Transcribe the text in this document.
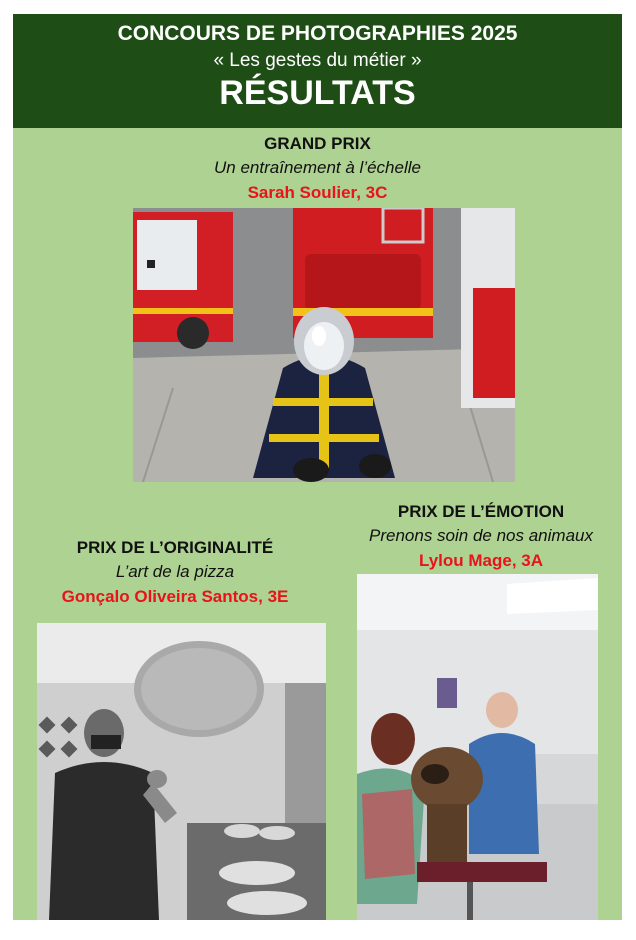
CONCOURS DE PHOTOGRAPHIES 2025
« Les gestes du métier »
RÉSULTATS
GRAND PRIX
Un entraînement à l’échelle
Sarah Soulier, 3C
PRIX DE L’ÉMOTION
Prenons soin de nos animaux
Lylou Mage, 3A
PRIX DE L’ORIGINALITÉ
L’art de la pizza
Gonçalo Oliveira Santos, 3E
